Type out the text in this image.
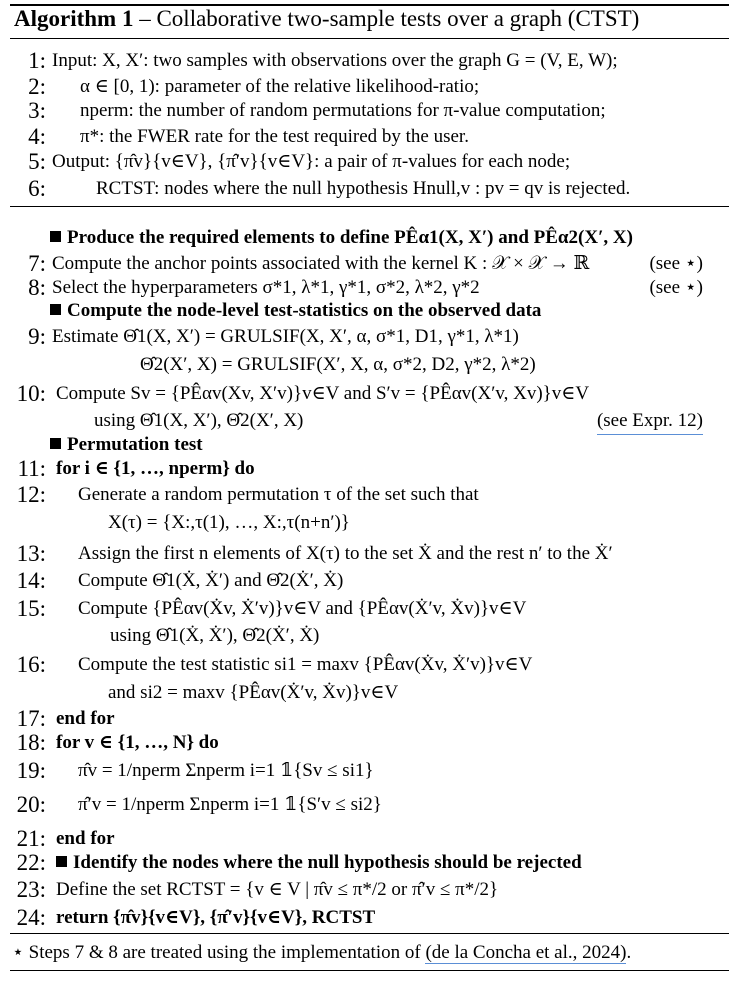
Algorithm 1 – Collaborative two-sample tests over a graph (CTST)
1: Input: X, X′: two samples with observations over the graph G = (V, E, W);
2: α ∈ [0, 1): parameter of the relative likelihood-ratio;
3: nperm: the number of random permutations for π-value computation;
4: π*: the FWER rate for the test required by the user.
5: Output: {π̂v}{v∈V}, {π̂′v}{v∈V}: a pair of π-values for each node;
6:	RCTST: nodes where the null hypothesis Hnull,v : pv = qv is rejected.
Produce the required elements to define PÊα1(X, X′) and PÊα2(X′, X)
7: Compute the anchor points associated with the kernel K : 𝒳 × 𝒳 → ℝ	(see ⋆)
8: Select the hyperparameters σ*1, λ*1, γ*1, σ*2, λ*2, γ*2	(see ⋆)
Compute the node-level test-statistics on the observed data
9: Estimate Θ̂1(X, X′) = GRULSIF(X, X′, α, σ*1, D1, γ*1, λ*1)
Θ̂2(X′, X) = GRULSIF(X′, X, α, σ*2, D2, γ*2, λ*2)
10: Compute Sv = {PÊαv(Xv, X′v)}v∈V and S′v = {PÊαv(X′v, Xv)}v∈V
using Θ̂1(X, X′), Θ̂2(X′, X)	(see Expr. 12)
Permutation test
11: for i ∈ {1, …, nperm} do
12: Generate a random permutation τ of the set such that
X(τ) = {X:,τ(1), …, X:,τ(n+n′)}
13: Assign the first n elements of X(τ) to the set Ẋ and the rest n′ to the Ẋ′
14: Compute Θ̂1(Ẋ, Ẋ′) and Θ̂2(Ẋ′, Ẋ)
15: Compute {PÊαv(Ẋv, Ẋ′v)}v∈V and {PÊαv(Ẋ′v, Ẋv)}v∈V
using Θ̂1(Ẋ, Ẋ′), Θ̂2(Ẋ′, Ẋ)
16: Compute the test statistic si1 = maxv {PÊαv(Ẋv, Ẋ′v)}v∈V
and si2 = maxv {PÊαv(Ẋ′v, Ẋv)}v∈V
17: end for
18: for v ∈ {1, …, N} do
19: π̂v = 1/nperm Σnperm i=1 𝟙{Sv ≤ si1}
20: π̂′v = 1/nperm Σnperm i=1 𝟙{S′v ≤ si2}
21: end for
22:	Identify the nodes where the null hypothesis should be rejected
23: Define the set RCTST = {v ∈ V | π̂v ≤ π*/2 or π̂′v ≤ π*/2}
24: return {π̂v}{v∈V}, {π̂′v}{v∈V}, RCTST
⋆ Steps 7 & 8 are treated using the implementation of (de la Concha et al., 2024).
